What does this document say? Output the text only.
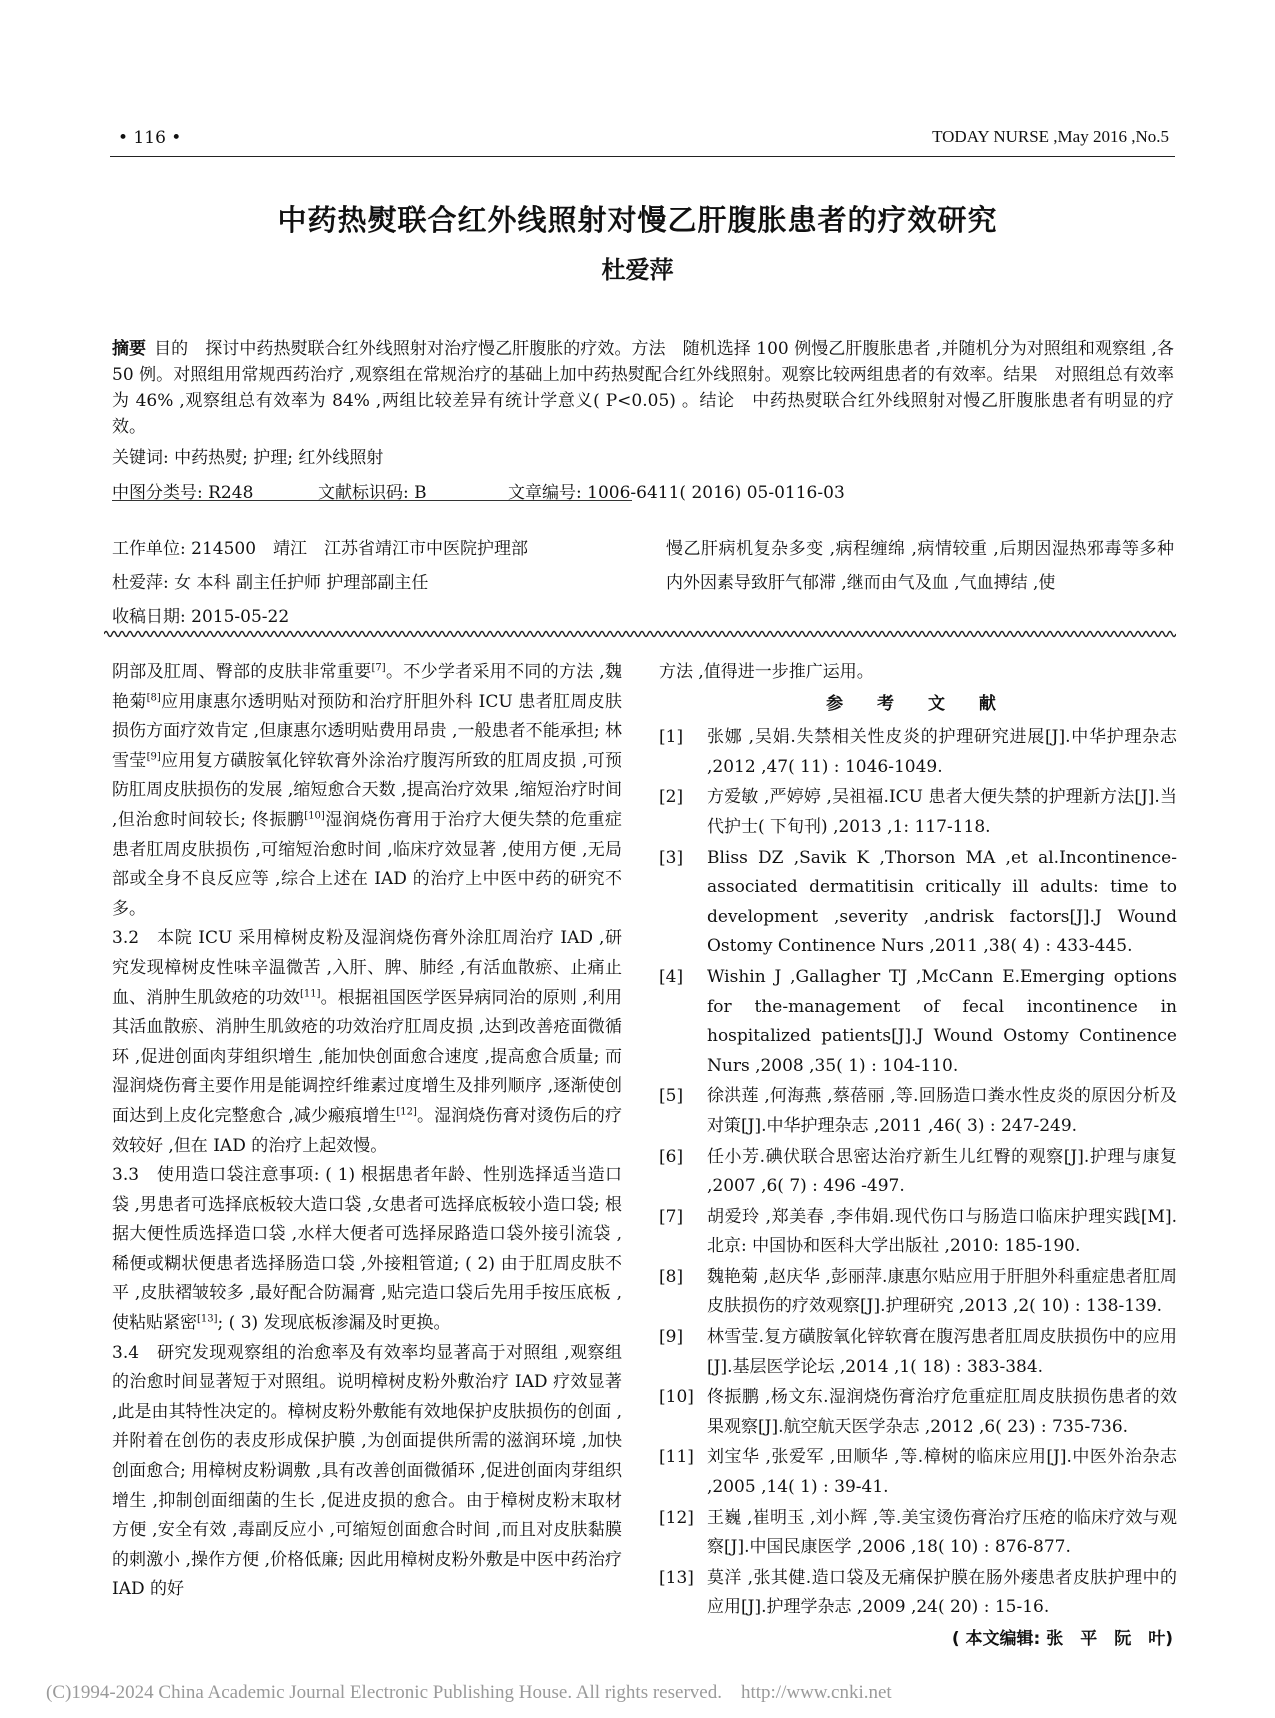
• 116 •	TODAY NURSE ,May 2016 ,No.5
中药热熨联合红外线照射对慢乙肝腹胀患者的疗效研究
杜爱萍
摘要 目的　探讨中药热熨联合红外线照射对治疗慢乙肝腹胀的疗效。方法　随机选择 100 例慢乙肝腹胀患者 ,并随机分为对照组和观察组 ,各 50 例。对照组用常规西药治疗 ,观察组在常规治疗的基础上加中药热熨配合红外线照射。观察比较两组患者的有效率。结果　对照组总有效率为 46% ,观察组总有效率为 84% ,两组比较差异有统计学意义( P<0.05) 。结论　中药热熨联合红外线照射对慢乙肝腹胀患者有明显的疗效。
关键词: 中药热熨; 护理; 红外线照射
中图分类号: R248	文献标识码: B	文章编号: 1006-6411( 2016) 05-0116-03
工作单位: 214500　靖江　江苏省靖江市中医院护理部
杜爱萍: 女 本科 副主任护师 护理部副主任
收稿日期: 2015-05-22
慢乙肝病机复杂多变 ,病程缠绵 ,病情较重 ,后期因湿热邪毒等多种内外因素导致肝气郁滞 ,继而由气及血 ,气血搏结 ,使

阴部及肛周、臀部的皮肤非常重要[7]。不少学者采用不同的方法 ,魏艳菊[8]应用康惠尔透明贴对预防和治疗肝胆外科 ICU 患者肛周皮肤损伤方面疗效肯定 ,但康惠尔透明贴费用昂贵 ,一般患者不能承担; 林雪莹[9]应用复方磺胺氧化锌软膏外涂治疗腹泻所致的肛周皮损 ,可预防肛周皮肤损伤的发展 ,缩短愈合天数 ,提高治疗效果 ,缩短治疗时间 ,但治愈时间较长; 佟振鹏[10]湿润烧伤膏用于治疗大便失禁的危重症患者肛周皮肤损伤 ,可缩短治愈时间 ,临床疗效显著 ,使用方便 ,无局部或全身不良反应等 ,综合上述在 IAD 的治疗上中医中药的研究不多。

3.2　本院 ICU 采用樟树皮粉及湿润烧伤膏外涂肛周治疗 IAD ,研究发现樟树皮性味辛温微苦 ,入肝、脾、肺经 ,有活血散瘀、止痛止血、消肿生肌敛疮的功效[11]。根据祖国医学医异病同治的原则 ,利用其活血散瘀、消肿生肌敛疮的功效治疗肛周皮损 ,达到改善疮面微循环 ,促进创面肉芽组织增生 ,能加快创面愈合速度 ,提高愈合质量; 而湿润烧伤膏主要作用是能调控纤维素过度增生及排列顺序 ,逐渐使创面达到上皮化完整愈合 ,减少瘢痕增生[12]。湿润烧伤膏对烫伤后的疗效较好 ,但在 IAD 的治疗上起效慢。

3.3　使用造口袋注意事项: ( 1) 根据患者年龄、性别选择适当造口袋 ,男患者可选择底板较大造口袋 ,女患者可选择底板较小造口袋; 根据大便性质选择造口袋 ,水样大便者可选择尿路造口袋外接引流袋 ,稀便或糊状便患者选择肠造口袋 ,外接粗管道; ( 2) 由于肛周皮肤不平 ,皮肤褶皱较多 ,最好配合防漏膏 ,贴完造口袋后先用手按压底板 ,使粘贴紧密[13]; ( 3) 发现底板渗漏及时更换。

3.4　研究发现观察组的治愈率及有效率均显著高于对照组 ,观察组的治愈时间显著短于对照组。说明樟树皮粉外敷治疗 IAD 疗效显著 ,此是由其特性决定的。樟树皮粉外敷能有效地保护皮肤损伤的创面 ,并附着在创伤的表皮形成保护膜 ,为创面提供所需的滋润环境 ,加快创面愈合; 用樟树皮粉调敷 ,具有改善创面微循环 ,促进创面肉芽组织增生 ,抑制创面细菌的生长 ,促进皮损的愈合。由于樟树皮粉末取材方便 ,安全有效 ,毒副反应小 ,可缩短创面愈合时间 ,而且对皮肤黏膜的刺激小 ,操作方便 ,价格低廉; 因此用樟树皮粉外敷是中医中药治疗 IAD 的好

方法 ,值得进一步推广运用。
参 考 文 献
[1]	张娜 ,吴娟.失禁相关性皮炎的护理研究进展[J].中华护理杂志 ,2012 ,47( 11) : 1046-1049.
[2]	方爱敏 ,严婷婷 ,吴祖福.ICU 患者大便失禁的护理新方法[J].当代护士( 下旬刊) ,2013 ,1: 117-118.
[3]	Bliss DZ ,Savik K ,Thorson MA ,et al.Incontinence-associated dermatitisin critically ill adults: time to development ,severity ,andrisk factors[J].J Wound Ostomy Continence Nurs ,2011 ,38( 4) : 433-445.
[4]	Wishin J ,Gallagher TJ ,McCann E.Emerging options for the-management of fecal incontinence in hospitalized patients[J].J Wound Ostomy Continence Nurs ,2008 ,35( 1) : 104-110.
[5]	徐洪莲 ,何海燕 ,蔡蓓丽 ,等.回肠造口粪水性皮炎的原因分析及对策[J].中华护理杂志 ,2011 ,46( 3) : 247-249.
[6]	任小芳.碘伏联合思密达治疗新生儿红臀的观察[J].护理与康复 ,2007 ,6( 7) : 496 -497.
[7]	胡爱玲 ,郑美春 ,李伟娟.现代伤口与肠造口临床护理实践[M].北京: 中国协和医科大学出版社 ,2010: 185-190.
[8]	魏艳菊 ,赵庆华 ,彭丽萍.康惠尔贴应用于肝胆外科重症患者肛周皮肤损伤的疗效观察[J].护理研究 ,2013 ,2( 10) : 138-139.
[9]	林雪莹.复方磺胺氧化锌软膏在腹泻患者肛周皮肤损伤中的应用[J].基层医学论坛 ,2014 ,1( 18) : 383-384.
[10] 佟振鹏 ,杨文东.湿润烧伤膏治疗危重症肛周皮肤损伤患者的效果观察[J].航空航天医学杂志 ,2012 ,6( 23) : 735-736.
[11] 刘宝华 ,张爱军 ,田顺华 ,等.樟树的临床应用[J].中医外治杂志 ,2005 ,14( 1) : 39-41.
[12] 王巍 ,崔明玉 ,刘小辉 ,等.美宝烫伤膏治疗压疮的临床疗效与观察[J].中国民康医学 ,2006 ,18( 10) : 876-877.
[13] 莫洋 ,张其健.造口袋及无痛保护膜在肠外瘘患者皮肤护理中的应用[J].护理学杂志 ,2009 ,24( 20) : 15-16.
( 本文编辑: 张　平　阮　叶)
(C)1994-2024 China Academic Journal Electronic Publishing House. All rights reserved.　http://www.cnki.net
